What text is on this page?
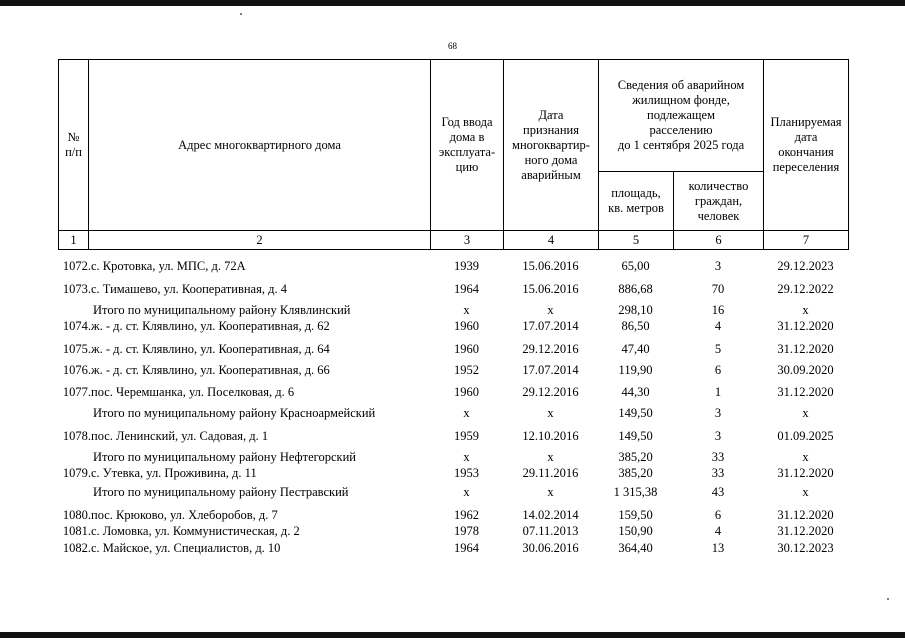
68
№
п/п	Адрес многоквартирного дома	Год ввода
дома в
эксплуата-
цию	Дата
признания
многоквартир-
ного дома
аварийным	Сведения об аварийном
жилищном фонде,
подлежащем
расселению
до 1 сентября 2025 года		Планируемая
дата
окончания
переселения
				площадь,
кв. метров	количество
граждан,
человек	
1	2	3	4	5	6	7
1072. с. Кротовка, ул. МПС, д. 72А	1939	15.06.2016	65,00	3	29.12.2023
1073. с. Тимашево, ул. Кооперативная, д. 4	1964	15.06.2016	886,68	70	29.12.2022
Итого по муниципальному району Клявлинский	х	х	298,10	16	х
1074. ж. - д. ст. Клявлино, ул. Кооперативная, д. 62	1960	17.07.2014	86,50	4	31.12.2020
1075. ж. - д. ст. Клявлино, ул. Кооперативная, д. 64	1960	29.12.2016	47,40	5	31.12.2020
1076. ж. - д. ст. Клявлино, ул. Кооперативная, д. 66	1952	17.07.2014	119,90	6	30.09.2020
1077. пос. Черемшанка, ул. Поселковая, д. 6	1960	29.12.2016	44,30	1	31.12.2020
Итого по муниципальному району Красноармейский	х	х	149,50	3	х
1078. пос. Ленинский, ул. Садовая, д. 1	1959	12.10.2016	149,50	3	01.09.2025
Итого по муниципальному району Нефтегорский	х	х	385,20	33	х
1079. с. Утевка, ул. Проживина, д. 11	1953	29.11.2016	385,20	33	31.12.2020
Итого по муниципальному району Пестравский	х	х	1 315,38	43	х
1080. пос. Крюково, ул. Хлеборобов, д. 7	1962	14.02.2014	159,50	6	31.12.2020
1081. с. Ломовка, ул. Коммунистическая, д. 2	1978	07.11.2013	150,90	4	31.12.2020
1082. с. Майское, ул. Специалистов, д. 10	1964	30.06.2016	364,40	13	30.12.2023
